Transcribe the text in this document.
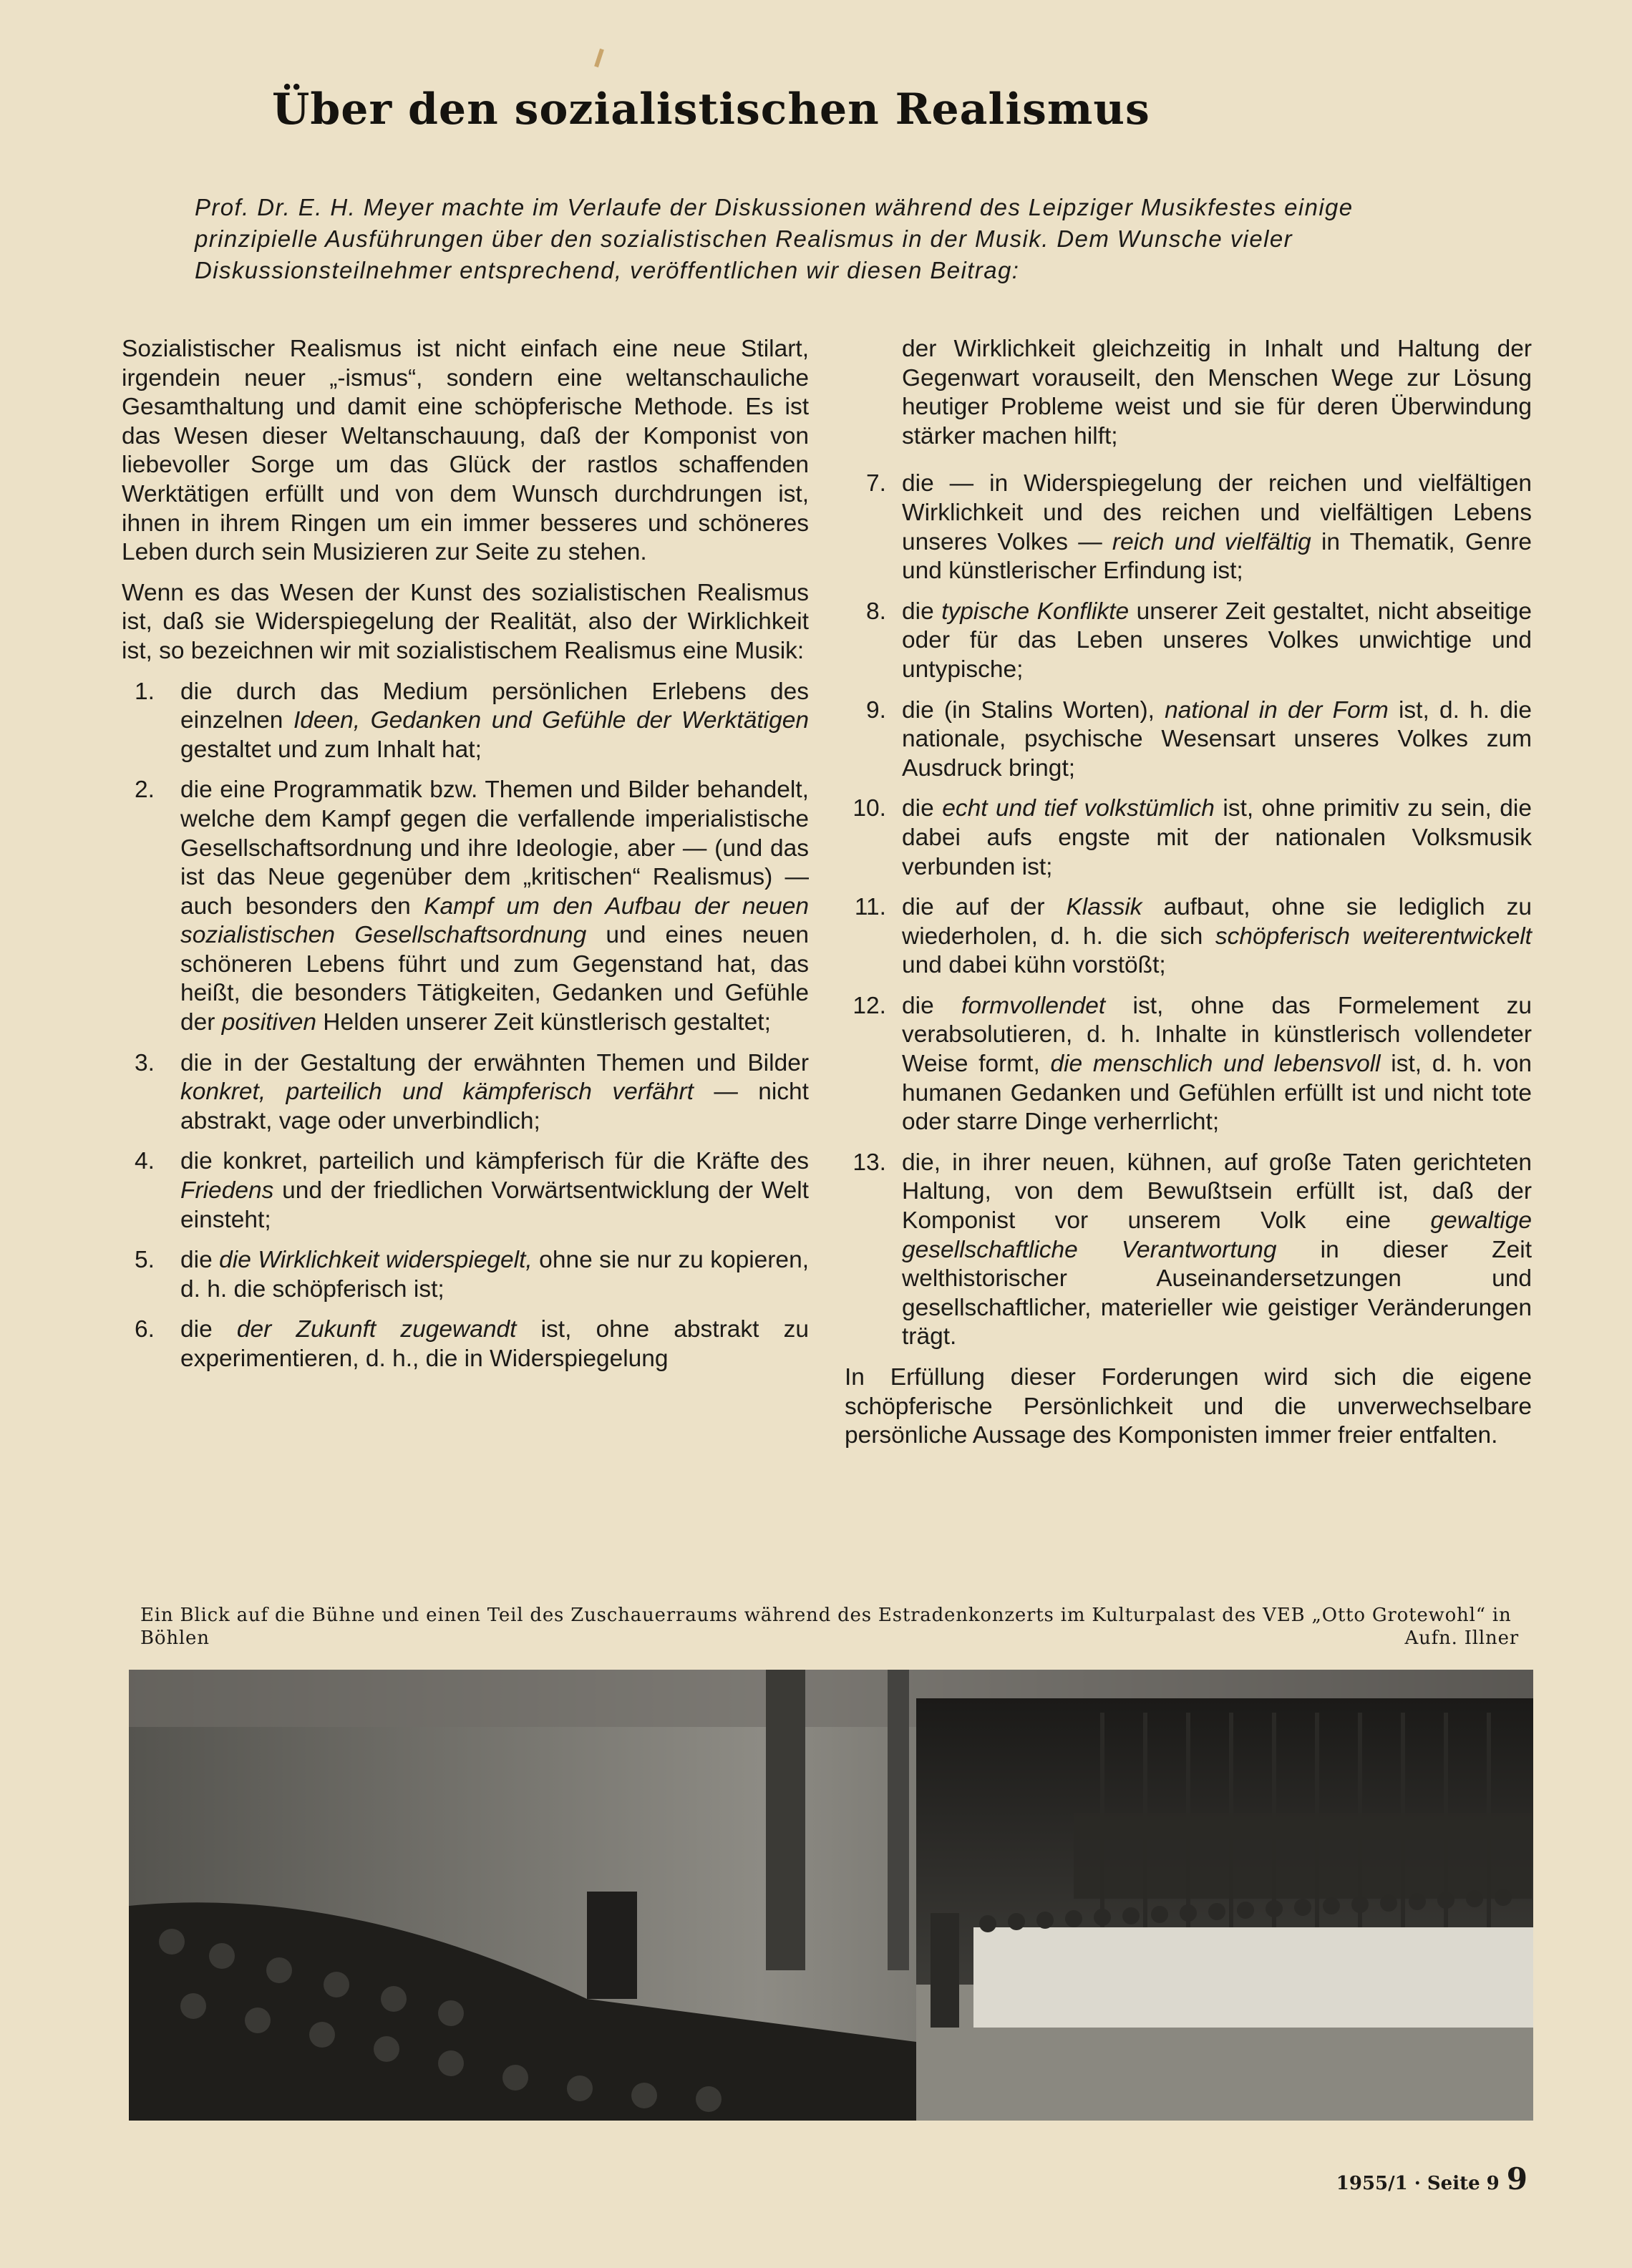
Über den sozialistischen Realismus

Prof. Dr. E. H. Meyer machte im Verlaufe der Diskussionen während des Leipziger Musikfestes einige prinzipielle Ausführungen über den sozialistischen Realismus in der Musik. Dem Wunsche vieler Diskussionsteilnehmer entsprechend, veröffentlichen wir diesen Beitrag:

Sozialistischer Realismus ist nicht einfach eine neue Stilart, irgendein neuer „-ismus“, sondern eine weltanschauliche Gesamthaltung und damit eine schöpferische Methode. Es ist das Wesen dieser Weltanschauung, daß der Komponist von liebevoller Sorge um das Glück der rastlos schaffenden Werktätigen erfüllt und von dem Wunsch durchdrungen ist, ihnen in ihrem Ringen um ein immer besseres und schöneres Leben durch sein Musizieren zur Seite zu stehen.

Wenn es das Wesen der Kunst des sozialistischen Realismus ist, daß sie Widerspiegelung der Realität, also der Wirklichkeit ist, so bezeichnen wir mit sozialistischem Realismus eine Musik:

1. die durch das Medium persönlichen Erlebens des einzelnen Ideen, Gedanken und Gefühle der Werktätigen gestaltet und zum Inhalt hat;

2. die eine Programmatik bzw. Themen und Bilder behandelt, welche dem Kampf gegen die verfallende imperialistische Gesellschaftsordnung und ihre Ideologie, aber — (und das ist das Neue gegenüber dem „kritischen“ Realismus) — auch besonders den Kampf um den Aufbau der neuen sozialistischen Gesellschaftsordnung und eines neuen schöneren Lebens führt und zum Gegenstand hat, das heißt, die besonders Tätigkeiten, Gedanken und Gefühle der positiven Helden unserer Zeit künstlerisch gestaltet;

3. die in der Gestaltung der erwähnten Themen und Bilder konkret, parteilich und kämpferisch verfährt — nicht abstrakt, vage oder unverbindlich;

4. die konkret, parteilich und kämpferisch für die Kräfte des Friedens und der friedlichen Vorwärtsentwicklung der Welt einsteht;

5. die die Wirklichkeit widerspiegelt, ohne sie nur zu kopieren, d. h. die schöpferisch ist;

6. die der Zukunft zugewandt ist, ohne abstrakt zu experimentieren, d. h., die in Widerspiegelung

der Wirklichkeit gleichzeitig in Inhalt und Haltung der Gegenwart vorauseilt, den Menschen Wege zur Lösung heutiger Probleme weist und sie für deren Überwindung stärker machen hilft;

7. die — in Widerspiegelung der reichen und vielfältigen Wirklichkeit und des reichen und vielfältigen Lebens unseres Volkes — reich und vielfältig in Thematik, Genre und künstlerischer Erfindung ist;

8. die typische Konflikte unserer Zeit gestaltet, nicht abseitige oder für das Leben unseres Volkes unwichtige und untypische;

9. die (in Stalins Worten), national in der Form ist, d. h. die nationale, psychische Wesensart unseres Volkes zum Ausdruck bringt;

10. die echt und tief volkstümlich ist, ohne primitiv zu sein, die dabei aufs engste mit der nationalen Volksmusik verbunden ist;

11. die auf der Klassik aufbaut, ohne sie lediglich zu wiederholen, d. h. die sich schöpferisch weiterentwickelt und dabei kühn vorstößt;

12. die formvollendet ist, ohne das Formelement zu verabsolutieren, d. h. Inhalte in künstlerisch vollendeter Weise formt, die menschlich und lebensvoll ist, d. h. von humanen Gedanken und Gefühlen erfüllt ist und nicht tote oder starre Dinge verherrlicht;

13. die, in ihrer neuen, kühnen, auf große Taten gerichteten Haltung, von dem Bewußtsein erfüllt ist, daß der Komponist vor unserem Volk eine gewaltige gesellschaftliche Verantwortung in dieser Zeit welthistorischer Auseinandersetzungen und gesellschaftlicher, materieller wie geistiger Veränderungen trägt.

In Erfüllung dieser Forderungen wird sich die eigene schöpferische Persönlichkeit und die unverwechselbare persönliche Aussage des Komponisten immer freier entfalten.

Ein Blick auf die Bühne und einen Teil des Zuschauerraums während des Estradenkonzerts im Kulturpalast des VEB „Otto Grotewohl“ in Böhlen	Aufn. Illner
1955/1 · Seite 9 9
